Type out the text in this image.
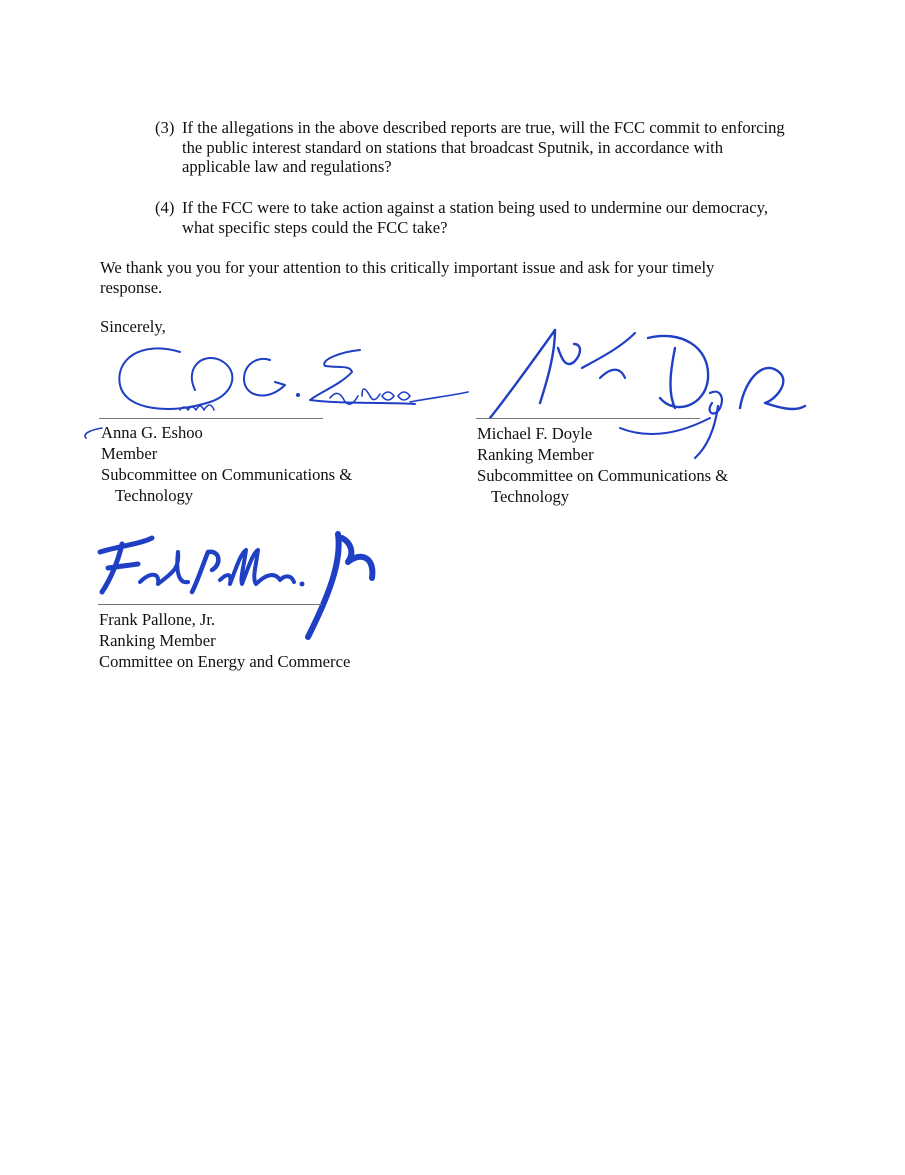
(3) If the allegations in the above described reports are true, will the FCC commit to enforcing the public interest standard on stations that broadcast Sputnik, in accordance with applicable law and regulations?
(4) If the FCC were to take action against a station being used to undermine our democracy, what specific steps could the FCC take?
We thank you you for your attention to this critically important issue and ask for your timely response.
Sincerely,
Anna G. Eshoo
Member
Subcommittee on Communications &
Technology
Michael F. Doyle
Ranking Member
Subcommittee on Communications &
Technology
Frank Pallone, Jr.
Ranking Member
Committee on Energy and Commerce
